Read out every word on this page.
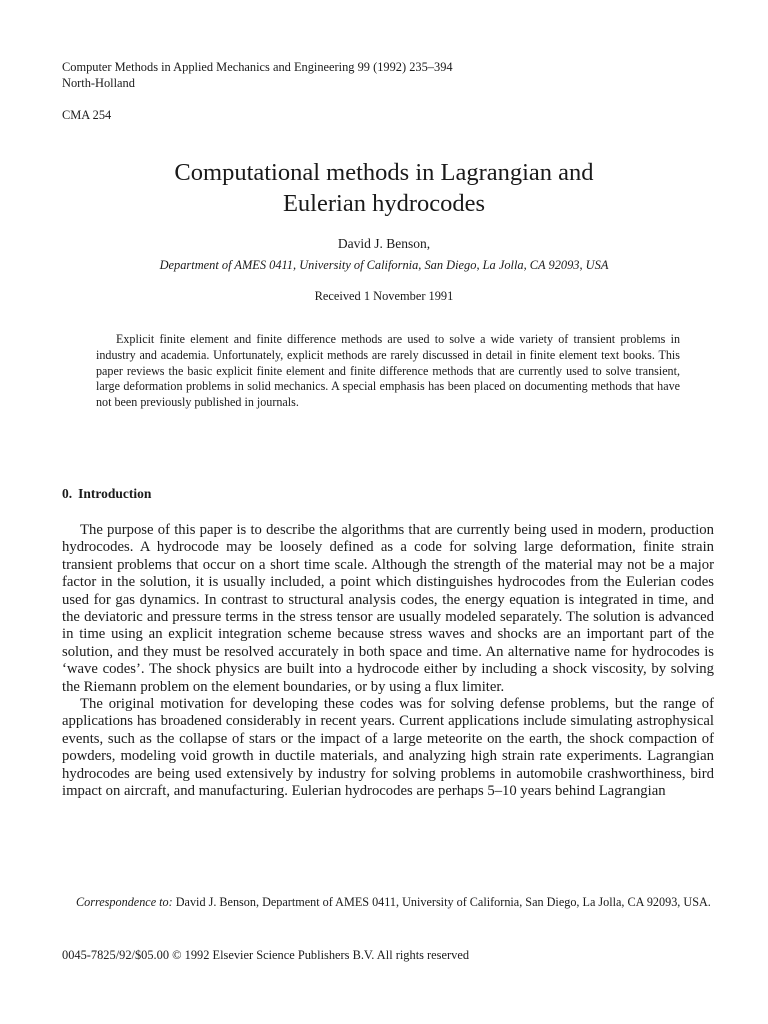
Computer Methods in Applied Mechanics and Engineering 99 (1992) 235–394
North-Holland
CMA 254
Computational methods in Lagrangian and
Eulerian hydrocodes
David J. Benson,
Department of AMES 0411, University of California, San Diego, La Jolla, CA 92093, USA
Received 1 November 1991
Explicit finite element and finite difference methods are used to solve a wide variety of transient problems in industry and academia. Unfortunately, explicit methods are rarely discussed in detail in finite element text books. This paper reviews the basic explicit finite element and finite difference methods that are currently used to solve transient, large deformation problems in solid mechanics. A special emphasis has been placed on documenting methods that have not been previously published in journals.
0. Introduction

The purpose of this paper is to describe the algorithms that are currently being used in modern, production hydrocodes. A hydrocode may be loosely defined as a code for solving large deformation, finite strain transient problems that occur on a short time scale. Although the strength of the material may not be a major factor in the solution, it is usually included, a point which distinguishes hydrocodes from the Eulerian codes used for gas dynamics. In contrast to structural analysis codes, the energy equation is integrated in time, and the deviatoric and pressure terms in the stress tensor are usually modeled separately. The solution is advanced in time using an explicit integration scheme because stress waves and shocks are an important part of the solution, and they must be resolved accurately in both space and time. An alternative name for hydrocodes is ‘wave codes’. The shock physics are built into a hydrocode either by including a shock viscosity, by solving the Riemann problem on the element boundaries, or by using a flux limiter.

The original motivation for developing these codes was for solving defense problems, but the range of applications has broadened considerably in recent years. Current applications include simulating astrophysical events, such as the collapse of stars or the impact of a large meteorite on the earth, the shock compaction of powders, modeling void growth in ductile materials, and analyzing high strain rate experiments. Lagrangian hydrocodes are being used extensively by industry for solving problems in automobile crashworthiness, bird impact on aircraft, and manufacturing. Eulerian hydrocodes are perhaps 5–10 years behind Lagrangian

Correspondence to: David J. Benson, Department of AMES 0411, University of California, San Diego, La Jolla, CA 92093, USA.
0045-7825/92/$05.00 © 1992 Elsevier Science Publishers B.V. All rights reserved
